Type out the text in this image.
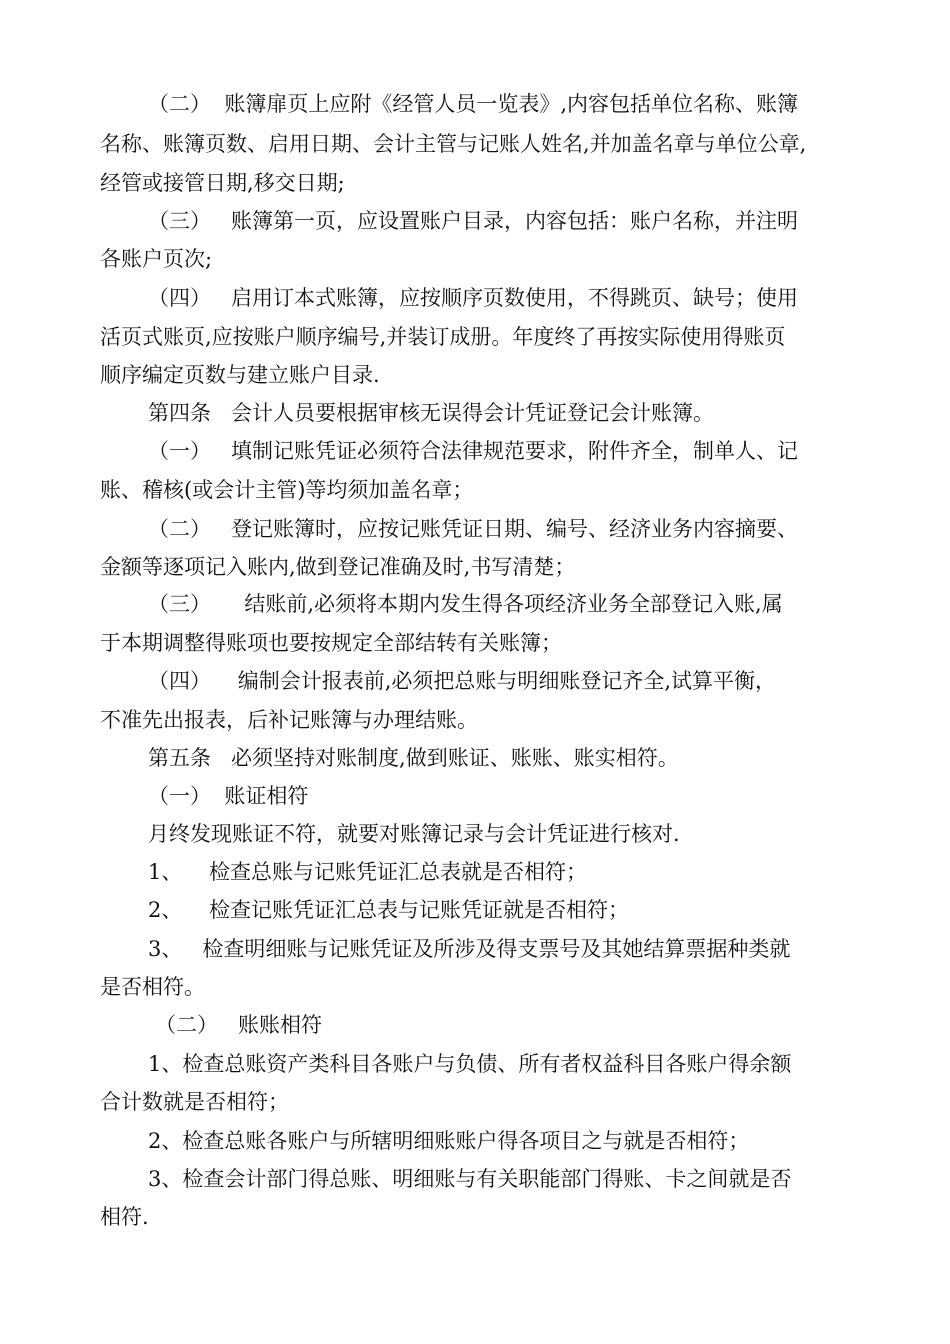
（二）  账簿扉页上应附《经管人员一览表》,内容包括单位名称、账簿
名称、账簿页数、启用日期、会计主管与记账人姓名,并加盖名章与单位公章,
经管或接管日期,移交日期;
（三）   账簿第一页，应设置账户目录，内容包括：账户名称，并注明
各账户页次;
（四）   启用订本式账簿，应按顺序页数使用，不得跳页、缺号；使用
活页式账页,应按账户顺序编号,并装订成册。年度终了再按实际使用得账页
顺序编定页数与建立账户目录.
第四条   会计人员要根据审核无误得会计凭证登记会计账簿。
（一）   填制记账凭证必须符合法律规范要求，附件齐全，制单人、记
账、稽核(或会计主管)等均须加盖名章；
（二）   登记账簿时，应按记账凭证日期、编号、经济业务内容摘要、
金额等逐项记入账内,做到登记准确及时,书写清楚；
（三）     结账前,必须将本期内发生得各项经济业务全部登记入账,属
于本期调整得账项也要按规定全部结转有关账簿；
（四）    编制会计报表前,必须把总账与明细账登记齐全,试算平衡，
不准先出报表，后补记账簿与办理结账。
第五条   必须坚持对账制度,做到账证、账账、账实相符。
（一）  账证相符
月终发现账证不符，就要对账簿记录与会计凭证进行核对.
1、    检查总账与记账凭证汇总表就是否相符；
2、    检查记账凭证汇总表与记账凭证就是否相符；
3、   检查明细账与记账凭证及所涉及得支票号及其她结算票据种类就
是否相符。
（二）   账账相符
1、检查总账资产类科目各账户与负债、所有者权益科目各账户得余额
合计数就是否相符；
2、检查总账各账户与所辖明细账账户得各项目之与就是否相符；
3、检查会计部门得总账、明细账与有关职能部门得账、卡之间就是否
相符.
